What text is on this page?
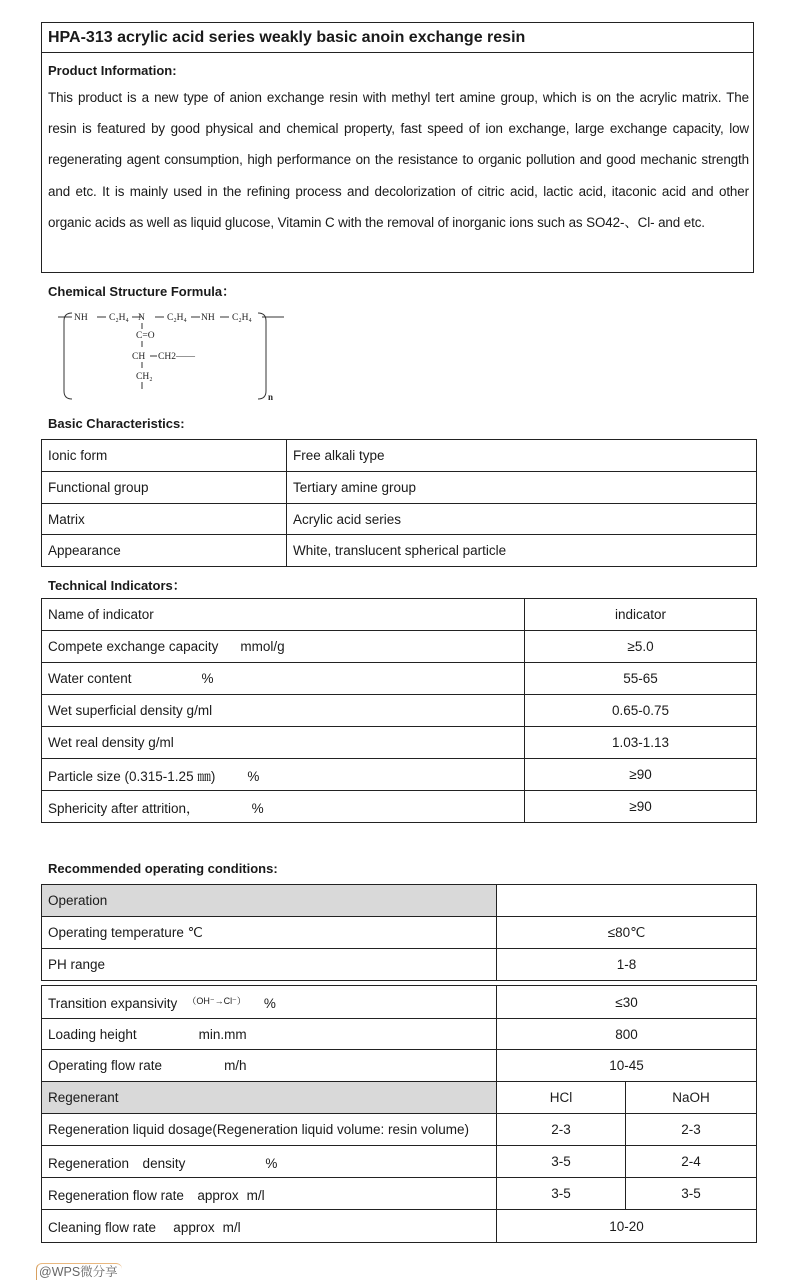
HPA-313 acrylic acid series weakly basic anoin exchange resin
Product Information:
This product is a new type of anion exchange resin with methyl tert amine group, which is on the acrylic matrix. The resin is featured by good physical and chemical property, fast speed of ion exchange, large exchange capacity, low regenerating agent consumption, high performance on the resistance to organic pollution and good mechanic strength and etc. It is mainly used in the refining process and decolorization of citric acid, lactic acid, itaconic acid and other organic acids as well as liquid glucose, Vitamin C with the removal of inorganic ions such as SO42-、Cl- and etc.
Chemical Structure Formula：
NH C₂H₄ N C₂H₄ NH C₂H₄
C=O
CH CH2——
CH₂
n
Basic Characteristics:
Ionic form	Free alkali type
Functional group	Tertiary amine group
Matrix	Acrylic acid series
Appearance	White, translucent spherical particle
Technical Indicators：
Name of indicator	indicator
Compete exchange capacity mmol/g	≥5.0
Water content %	55-65
Wet superficial density g/ml	0.65-0.75
Wet real density g/ml	1.03-1.13
Particle size (0.315-1.25 ㎜) %	≥90
Sphericity after attrition， %	≥90
Recommended operating conditions:
Operation	
Operating temperature ℃	≤80℃
PH range	1-8
Transition expansivity $^{(OH^-\to Cl^-)}$ %	≤30	
Loading height min.mm	800	
Operating flow rate m/h	10-45	
Regenerant	HCl	NaOH
Regeneration liquid dosage(Regeneration liquid volume: resin volume)	2-3	2-3
Regeneration　density %	3-5	2-4
Regeneration flow rate　approx m/l	3-5	3-5
Cleaning flow rate　 approx m/l	10-20	
@WPS微分享
